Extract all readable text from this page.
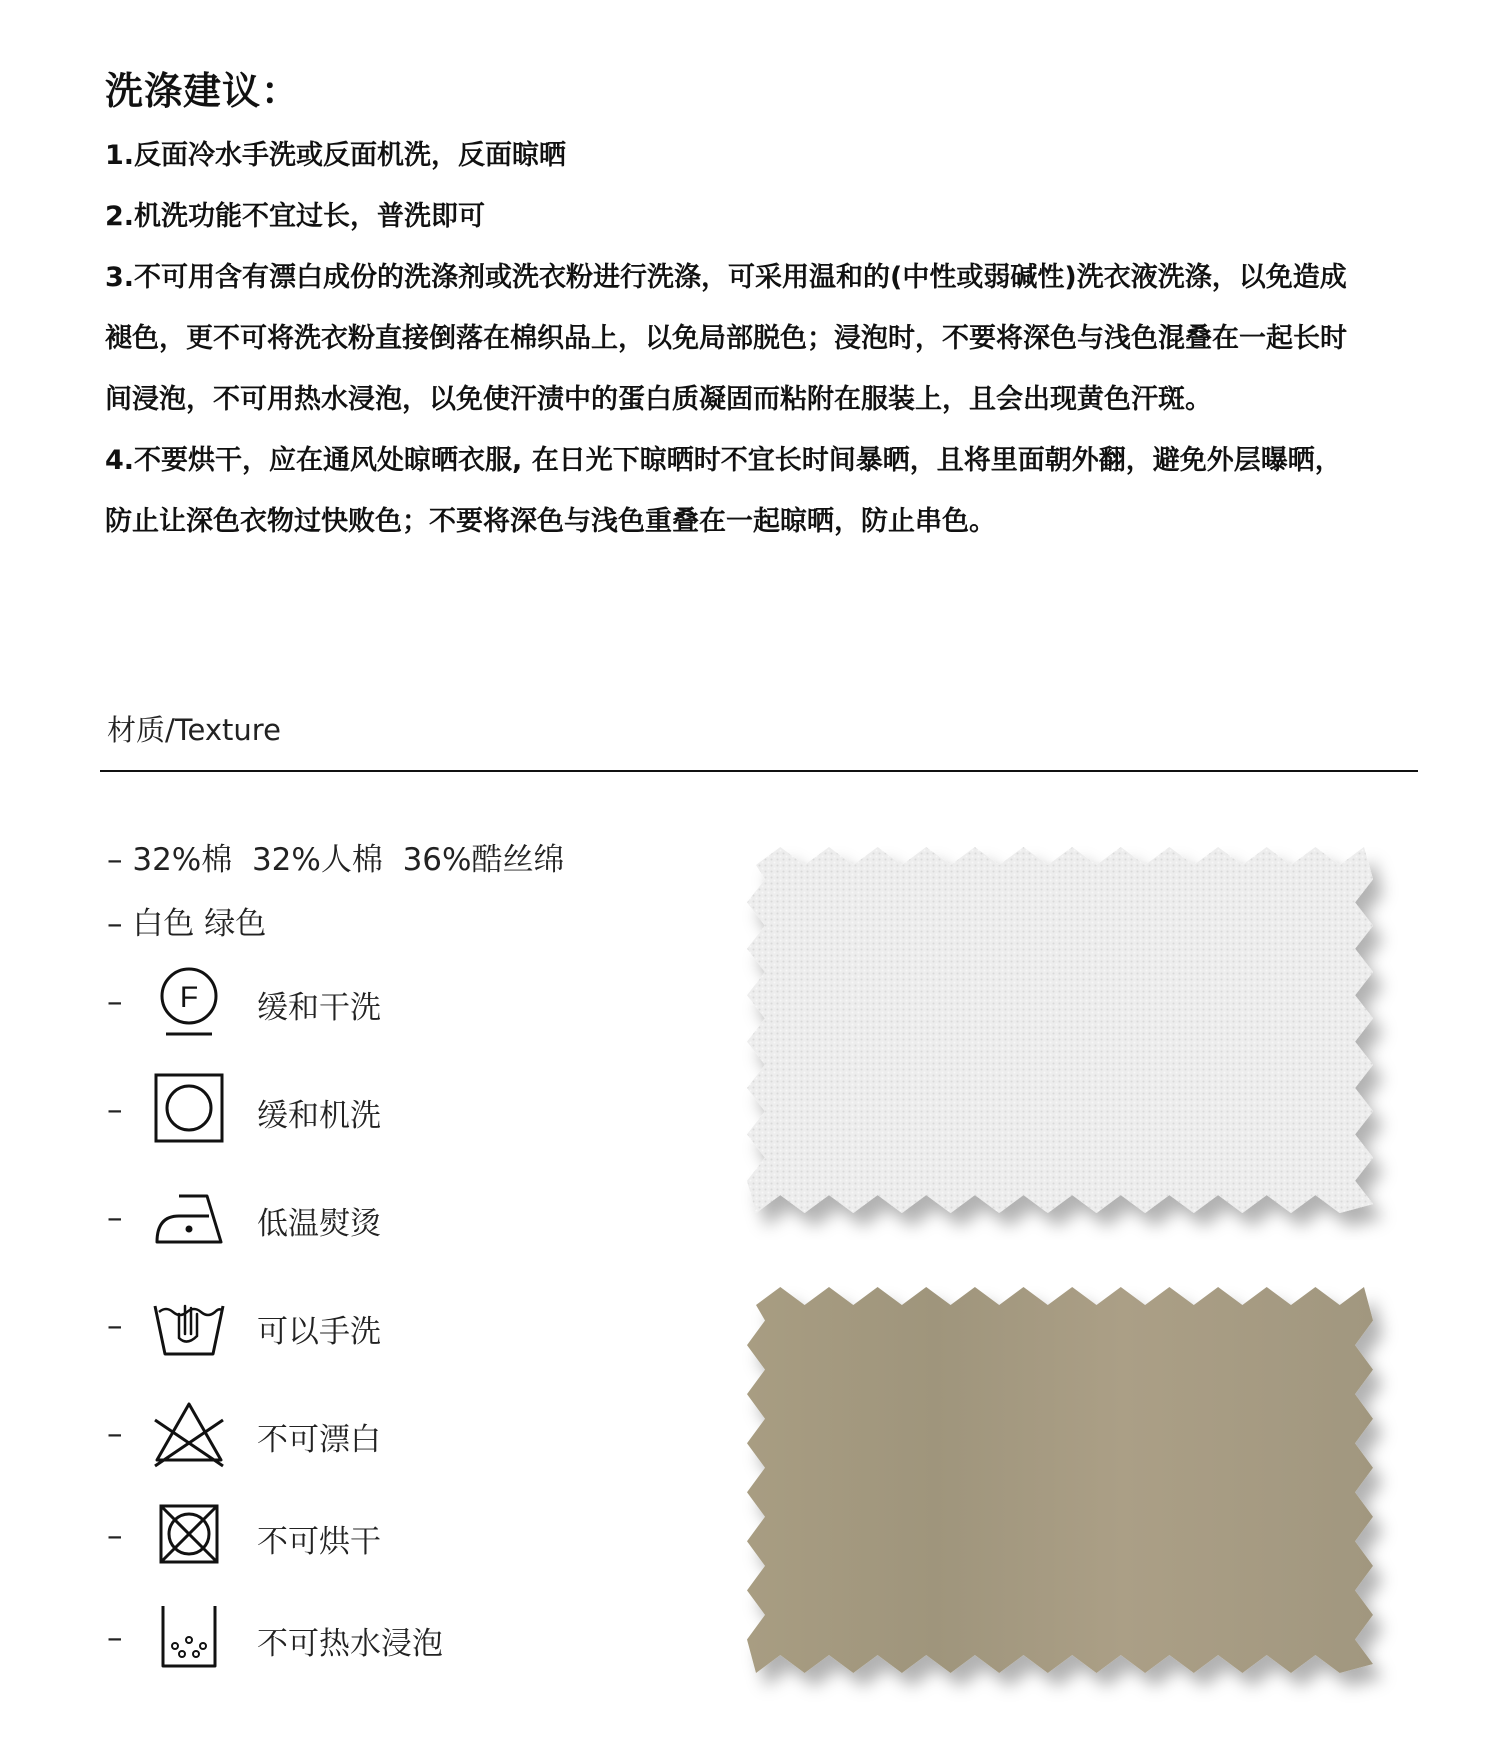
洗涤建议：

1.反面冷水手洗或反面机洗，反面晾晒

2.机洗功能不宜过长，普洗即可

3.不可用含有漂白成份的洗涤剂或洗衣粉进行洗涤，可采用温和的(中性或弱碱性)洗衣液洗涤，以免造成褪色，更不可将洗衣粉直接倒落在棉织品上，以免局部脱色；浸泡时，不要将深色与浅色混叠在一起长时间浸泡，不可用热水浸泡，以免使汗渍中的蛋白质凝固而粘附在服装上，且会出现黄色汗斑。

4.不要烘干，应在通风处晾晒衣服, 在日光下晾晒时不宜长时间暴晒，且将里面朝外翻，避免外层曝晒，防止让深色衣物过快败色；不要将深色与浅色重叠在一起晾晒，防止串色。

材质/Texture
– 32%棉  32%人棉  36%酷丝绵
– 白色 绿色
– F 缓和干洗
–	缓和机洗
–	低温熨烫
–	可以手洗
–	不可漂白
–	不可烘干
–	不可热水浸泡
